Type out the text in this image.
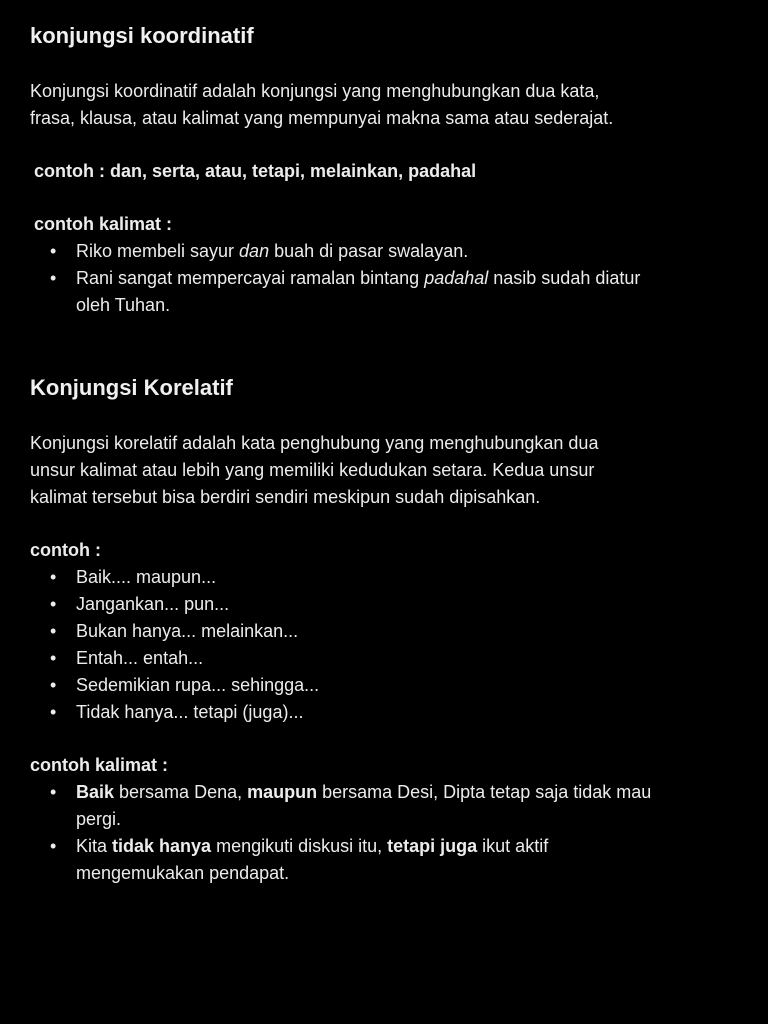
konjungsi koordinatif

Konjungsi koordinatif adalah konjungsi yang menghubungkan dua kata,

frasa, klausa, atau kalimat yang mempunyai makna sama atau sederajat.

contoh : dan, serta, atau, tetapi, melainkan, padahal

contoh kalimat :

• Riko membeli sayur dan buah di pasar swalayan.
• Rani sangat mempercayai ramalan bintang padahal nasib sudah diatur
oleh Tuhan.
Konjungsi Korelatif

Konjungsi korelatif adalah kata penghubung yang menghubungkan dua

unsur kalimat atau lebih yang memiliki kedudukan setara. Kedua unsur

kalimat tersebut bisa berdiri sendiri meskipun sudah dipisahkan.

contoh :

• Baik.... maupun...
• Jangankan... pun...
• Bukan hanya... melainkan...
• Entah... entah...
• Sedemikian rupa... sehingga...
• Tidak hanya... tetapi (juga)...

contoh kalimat :

• Baik bersama Dena, maupun bersama Desi, Dipta tetap saja tidak mau
pergi.
• Kita tidak hanya mengikuti diskusi itu, tetapi juga ikut aktif
mengemukakan pendapat.
